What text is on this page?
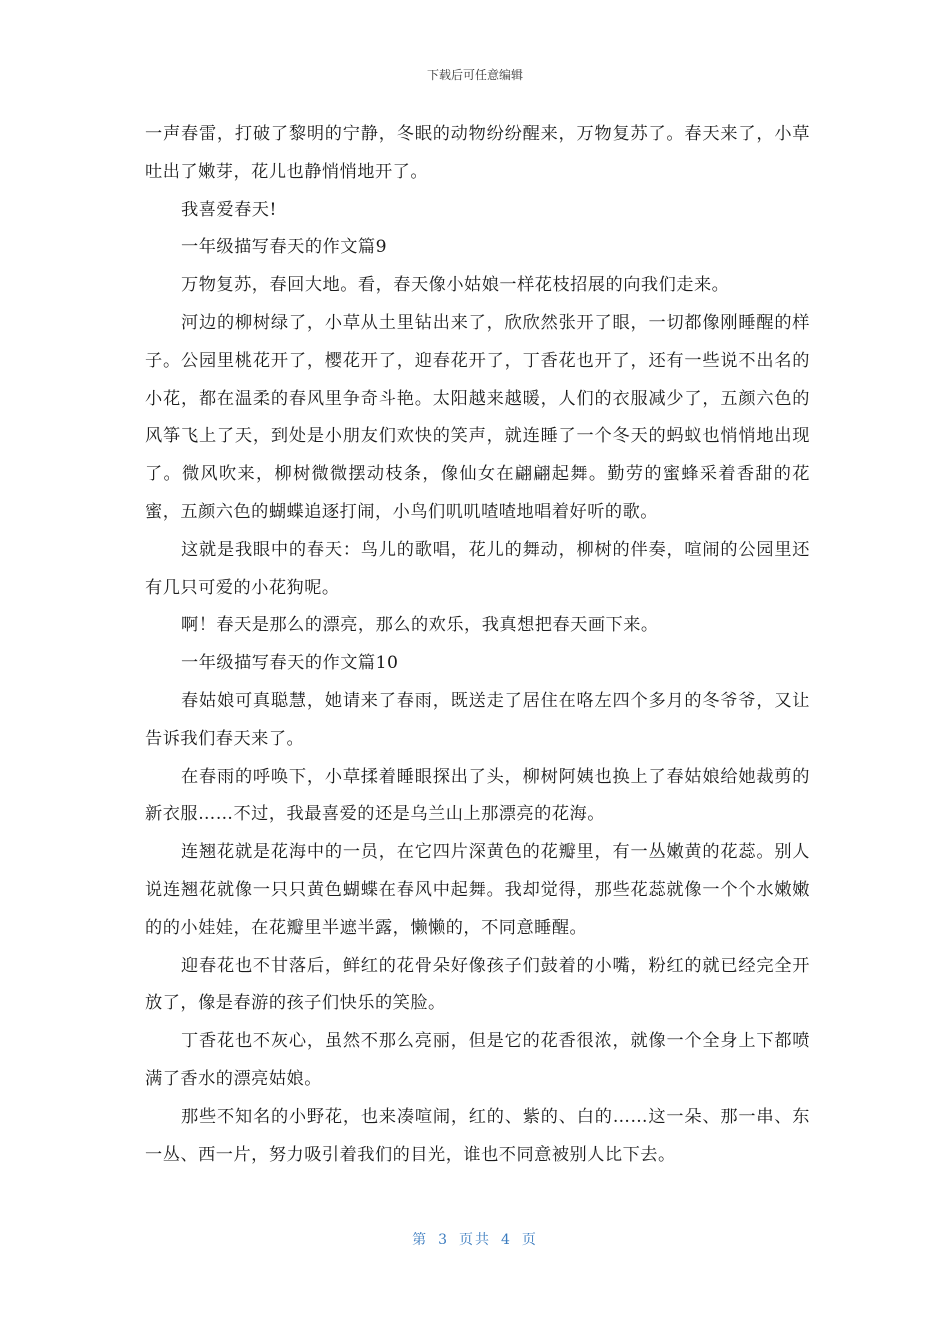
下载后可任意编辑

一声春雷，打破了黎明的宁静，冬眠的动物纷纷醒来，万物复苏了。春天来了，小草吐出了嫩芽，花儿也静悄悄地开了。

我喜爱春天!

一年级描写春天的作文篇9

万物复苏，春回大地。看，春天像小姑娘一样花枝招展的向我们走来。

河边的柳树绿了，小草从土里钻出来了，欣欣然张开了眼，一切都像刚睡醒的样子。公园里桃花开了，樱花开了，迎春花开了，丁香花也开了，还有一些说不出名的小花，都在温柔的春风里争奇斗艳。太阳越来越暖，人们的衣服减少了，五颜六色的风筝飞上了天，到处是小朋友们欢快的笑声，就连睡了一个冬天的蚂蚁也悄悄地出现了。微风吹来，柳树微微摆动枝条，像仙女在翩翩起舞。勤劳的蜜蜂采着香甜的花蜜，五颜六色的蝴蝶追逐打闹，小鸟们叽叽喳喳地唱着好听的歌。

这就是我眼中的春天：鸟儿的歌唱，花儿的舞动，柳树的伴奏，喧闹的公园里还有几只可爱的小花狗呢。

啊！春天是那么的漂亮，那么的欢乐，我真想把春天画下来。

一年级描写春天的作文篇10

春姑娘可真聪慧，她请来了春雨，既送走了居住在咯左四个多月的冬爷爷，又让告诉我们春天来了。

在春雨的呼唤下，小草揉着睡眼探出了头，柳树阿姨也换上了春姑娘给她裁剪的新衣服……不过，我最喜爱的还是乌兰山上那漂亮的花海。

连翘花就是花海中的一员，在它四片深黄色的花瓣里，有一丛嫩黄的花蕊。别人说连翘花就像一只只黄色蝴蝶在春风中起舞。我却觉得，那些花蕊就像一个个水嫩嫩的的小娃娃，在花瓣里半遮半露，懒懒的，不同意睡醒。

迎春花也不甘落后，鲜红的花骨朵好像孩子们鼓着的小嘴，粉红的就已经完全开放了，像是春游的孩子们快乐的笑脸。

丁香花也不灰心，虽然不那么亮丽，但是它的花香很浓，就像一个全身上下都喷满了香水的漂亮姑娘。

那些不知名的小野花，也来凑喧闹，红的、紫的、白的……这一朵、那一串、东一丛、西一片，努力吸引着我们的目光，谁也不同意被别人比下去。

第 3 页共 4 页
